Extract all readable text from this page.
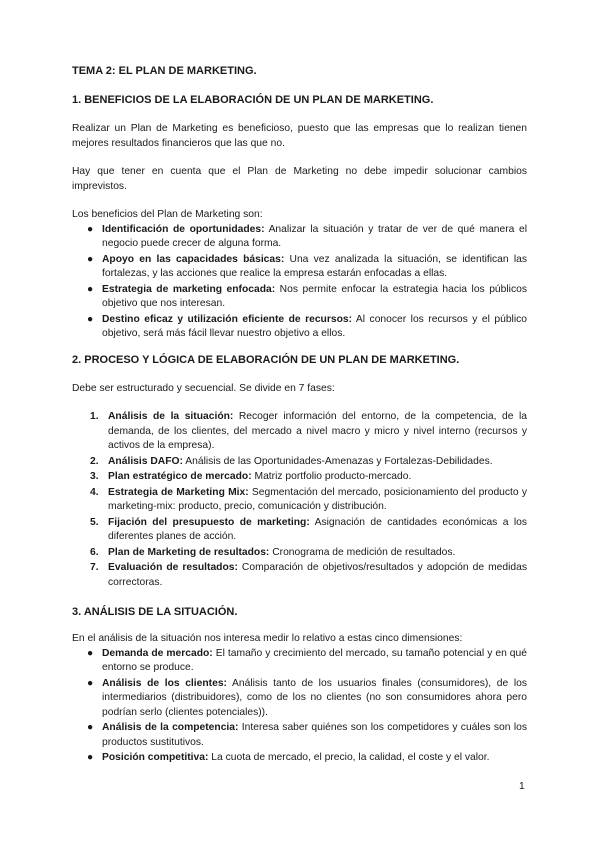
TEMA 2: EL PLAN DE MARKETING.

1. BENEFICIOS DE LA ELABORACIÓN DE UN PLAN DE MARKETING.

Realizar un Plan de Marketing es beneficioso, puesto que las empresas que lo realizan tienen mejores resultados financieros que las que no.

Hay que tener en cuenta que el Plan de Marketing no debe impedir solucionar cambios imprevistos.

Los beneficios del Plan de Marketing son:

● Identificación de oportunidades: Analizar la situación y tratar de ver de qué manera el negocio puede crecer de alguna forma.
● Apoyo en las capacidades básicas: Una vez analizada la situación, se identifican las fortalezas, y las acciones que realice la empresa estarán enfocadas a ellas.
● Estrategia de marketing enfocada: Nos permite enfocar la estrategia hacia los públicos objetivo que nos interesan.
● Destino eficaz y utilización eficiente de recursos: Al conocer los recursos y el público objetivo, será más fácil llevar nuestro objetivo a ellos.

2. PROCESO Y LÓGICA DE ELABORACIÓN DE UN PLAN DE MARKETING.

Debe ser estructurado y secuencial. Se divide en 7 fases:

1. Análisis de la situación: Recoger información del entorno, de la competencia, de la demanda, de los clientes, del mercado a nivel macro y micro y nivel interno (recursos y activos de la empresa).
2. Análisis DAFO: Análisis de las Oportunidades-Amenazas y Fortalezas-Debilidades.
3. Plan estratégico de mercado: Matriz portfolio producto-mercado.
4. Estrategia de Marketing Mix: Segmentación del mercado, posicionamiento del producto y marketing-mix: producto, precio, comunicación y distribución.
5. Fijación del presupuesto de marketing: Asignación de cantidades económicas a los diferentes planes de acción.
6. Plan de Marketing de resultados: Cronograma de medición de resultados.
7. Evaluación de resultados: Comparación de objetivos/resultados y adopción de medidas correctoras.

3. ANÁLISIS DE LA SITUACIÓN.

En el análisis de la situación nos interesa medir lo relativo a estas cinco dimensiones:

● Demanda de mercado: El tamaño y crecimiento del mercado, su tamaño potencial y en qué entorno se produce.
● Análisis de los clientes: Análisis tanto de los usuarios finales (consumidores), de los intermediarios (distribuidores), como de los no clientes (no son consumidores ahora pero podrían serlo (clientes potenciales)).
● Análisis de la competencia: Interesa saber quiénes son los competidores y cuáles son los productos sustitutivos.
● Posición competitiva: La cuota de mercado, el precio, la calidad, el coste y el valor.
1
